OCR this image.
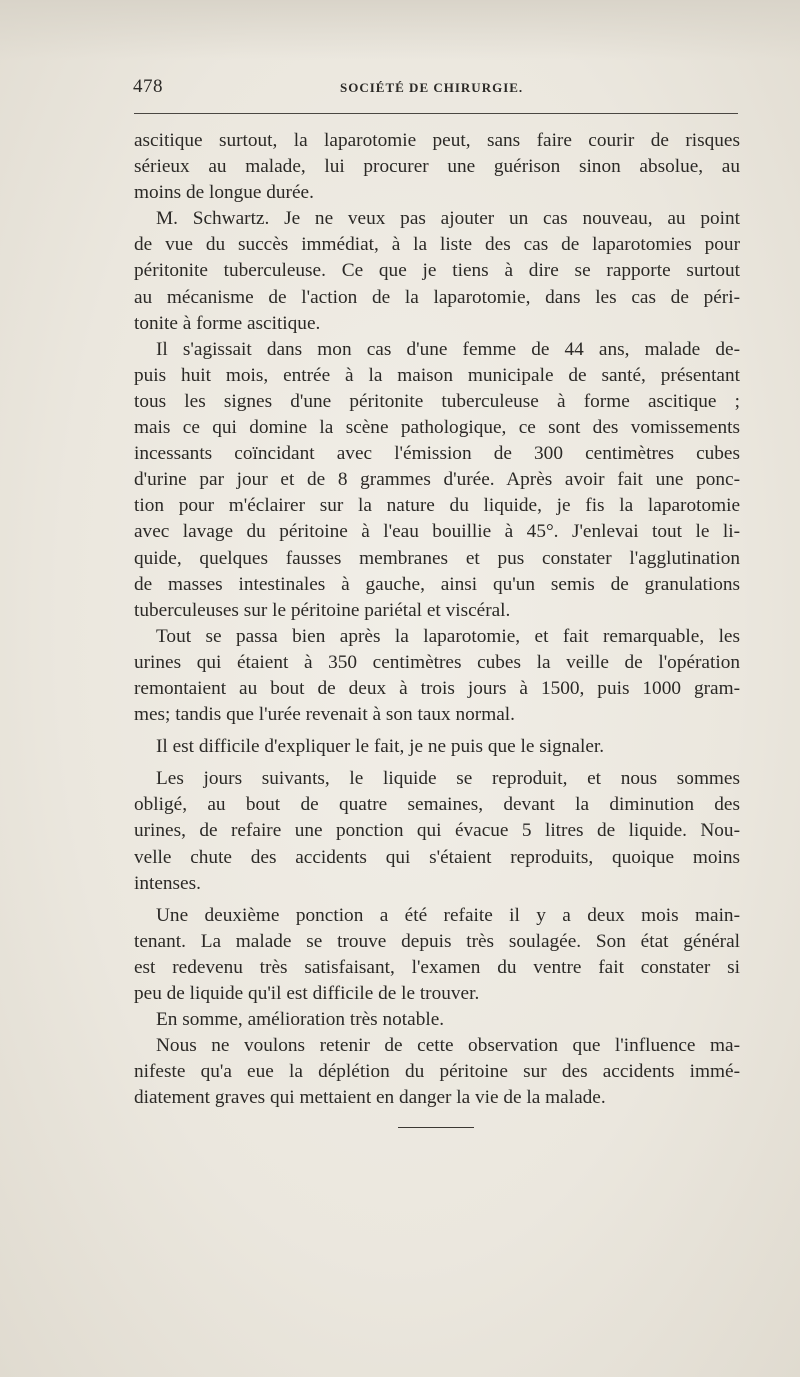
478	SOCIÉTÉ DE CHIRURGIE.
ascitique surtout, la laparotomie peut, sans faire courir de risques
sérieux au malade, lui procurer une guérison sinon absolue, au
moins de longue durée.
M. Schwartz. Je ne veux pas ajouter un cas nouveau, au point
de vue du succès immédiat, à la liste des cas de laparotomies pour
péritonite tuberculeuse. Ce que je tiens à dire se rapporte surtout
au mécanisme de l'action de la laparotomie, dans les cas de péri-
tonite à forme ascitique.
Il s'agissait dans mon cas d'une femme de 44 ans, malade de-
puis huit mois, entrée à la maison municipale de santé, présentant
tous les signes d'une péritonite tuberculeuse à forme ascitique ;
mais ce qui domine la scène pathologique, ce sont des vomissements
incessants coïncidant avec l'émission de 300 centimètres cubes
d'urine par jour et de 8 grammes d'urée. Après avoir fait une ponc-
tion pour m'éclairer sur la nature du liquide, je fis la laparotomie
avec lavage du péritoine à l'eau bouillie à 45°. J'enlevai tout le li-
quide, quelques fausses membranes et pus constater l'agglutination
de masses intestinales à gauche, ainsi qu'un semis de granulations
tuberculeuses sur le péritoine pariétal et viscéral.
Tout se passa bien après la laparotomie, et fait remarquable, les
urines qui étaient à 350 centimètres cubes la veille de l'opération
remontaient au bout de deux à trois jours à 1500, puis 1000 gram-
mes; tandis que l'urée revenait à son taux normal.
Il est difficile d'expliquer le fait, je ne puis que le signaler.
Les jours suivants, le liquide se reproduit, et nous sommes
obligé, au bout de quatre semaines, devant la diminution des
urines, de refaire une ponction qui évacue 5 litres de liquide. Nou-
velle chute des accidents qui s'étaient reproduits, quoique moins
intenses.
Une deuxième ponction a été refaite il y a deux mois main-
tenant. La malade se trouve depuis très soulagée. Son état général
est redevenu très satisfaisant, l'examen du ventre fait constater si
peu de liquide qu'il est difficile de le trouver.
En somme, amélioration très notable.
Nous ne voulons retenir de cette observation que l'influence ma-
nifeste qu'a eue la déplétion du péritoine sur des accidents immé-
diatement graves qui mettaient en danger la vie de la malade.
